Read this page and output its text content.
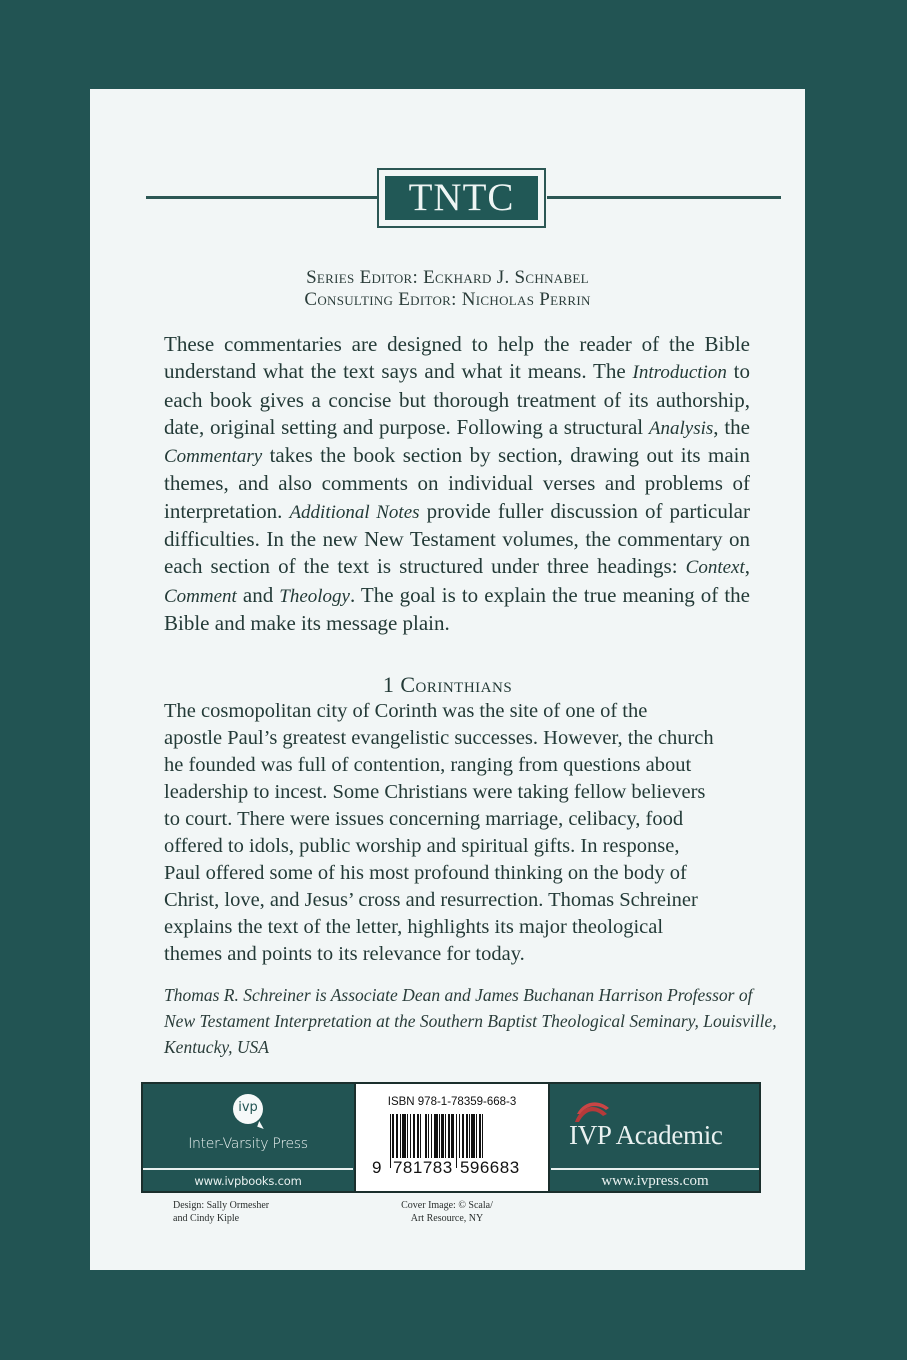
TNTC
Series Editor: Eckhard J. Schnabel
Consulting Editor: Nicholas Perrin

These commentaries are designed to help the reader of the Bible understand what the text says and what it means. The Introduction to each book gives a concise but thorough treatment of its authorship, date, original setting and purpose. Following a structural Analysis, the Commentary takes the book section by section, drawing out its main themes, and also comments on individual verses and problems of interpretation. Additional Notes provide fuller discussion of particular difficulties. In the new New Testament volumes, the commentary on each section of the text is structured under three headings: Context, Comment and Theology. The goal is to explain the true meaning of the Bible and make its message plain.

1 Corinthians
The cosmopolitan city of Corinth was the site of one of the
apostle Paul’s greatest evangelistic successes. However, the church
he founded was full of contention, ranging from questions about
leadership to incest. Some Christians were taking fellow believers
to court. There were issues concerning marriage, celibacy, food
offered to idols, public worship and spiritual gifts. In response,
Paul offered some of his most profound thinking on the body of
Christ, love, and Jesus’ cross and resurrection. Thomas Schreiner
explains the text of the letter, highlights its major theological
themes and points to its relevance for today.
Thomas R. Schreiner is Associate Dean and James Buchanan Harrison Professor of
New Testament Interpretation at the Southern Baptist Theological Seminary, Louisville,
Kentucky, USA
ivp
Inter-Varsity Press
www.ivpbooks.com
ISBN 978-1-78359-668-3
9 781783 596683
IVP Academic
www.ivpress.com
Design: Sally Ormesher
and Cindy Kiple
Cover Image: © Scala/
Art Resource, NY
